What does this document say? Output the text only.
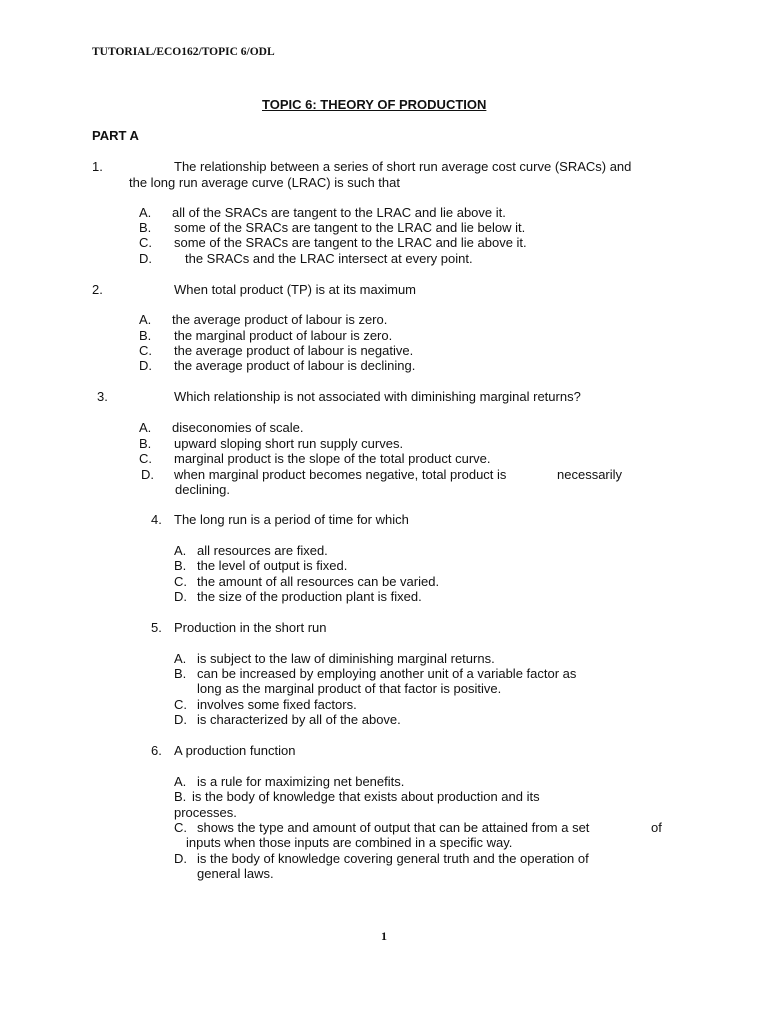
TUTORIAL/ECO162/TOPIC 6/ODL
TOPIC 6: THEORY OF PRODUCTION
PART A
1.	The relationship between a series of short run average cost curve (SRACs) and
the long run average curve (LRAC) is such that
A. all of the SRACs are tangent to the LRAC and lie above it.
B. some of the SRACs are tangent to the LRAC and lie below it.
C. some of the SRACs are tangent to the LRAC and lie above it.
D.	the SRACs and the LRAC intersect at every point.
2.	When total product (TP) is at its maximum
A. the average product of labour is zero.
B. the marginal product of labour is zero.
C. the average product of labour is negative.
D. the average product of labour is declining.
3.	Which relationship is not associated with diminishing marginal returns?
A. diseconomies of scale.
B. upward sloping short run supply curves.
C. marginal product is the slope of the total product curve.
D. when marginal product becomes negative, total product is	necessarily
declining.
4. The long run is a period of time for which
A. all resources are fixed.
B. the level of output is fixed.
C. the amount of all resources can be varied.
D. the size of the production plant is fixed.
5. Production in the short run
A. is subject to the law of diminishing marginal returns.
B. can be increased by employing another unit of a variable factor as
long as the marginal product of that factor is positive.
C. involves some fixed factors.
D. is characterized by all of the above.
6. A production function
A. is a rule for maximizing net benefits.
B. is the body of knowledge that exists about production and its
processes.
C. shows the type and amount of output that can be attained from a set	of
inputs when those inputs are combined in a specific way.
D. is the body of knowledge covering general truth and the operation of
general laws.
1
